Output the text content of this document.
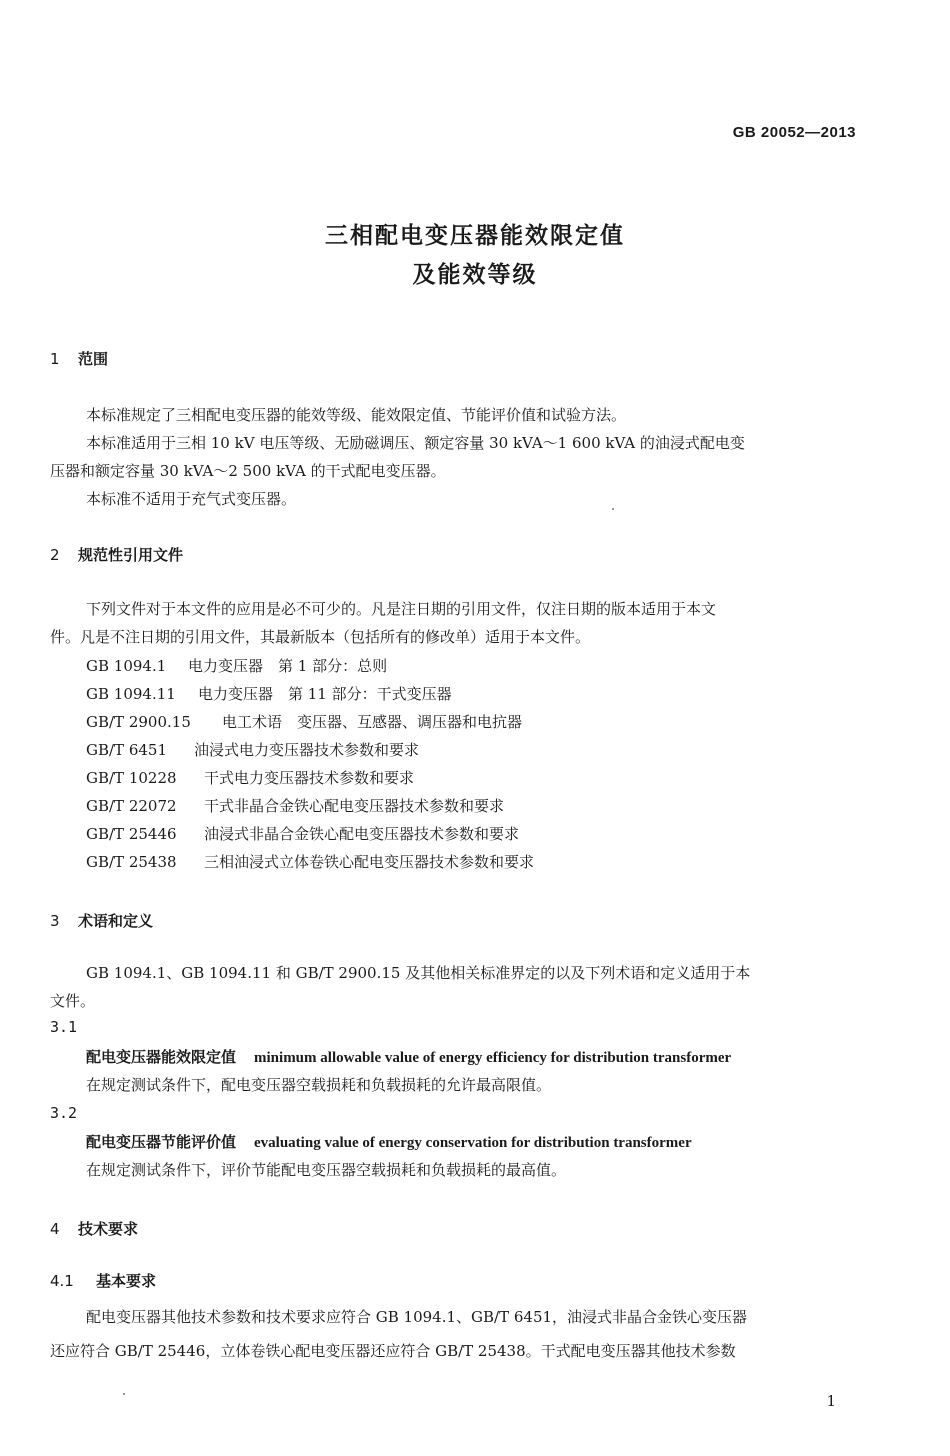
GB 20052—2013
三相配电变压器能效限定值
及能效等级
1 范围
本标准规定了三相配电变压器的能效等级、能效限定值、节能评价值和试验方法。
本标准适用于三相 10 kV 电压等级、无励磁调压、额定容量 30 kVA～1 600 kVA 的油浸式配电变
压器和额定容量 30 kVA～2 500 kVA 的干式配电变压器。
本标准不适用于充气式变压器。
2 规范性引用文件
下列文件对于本文件的应用是必不可少的。凡是注日期的引用文件，仅注日期的版本适用于本文
件。凡是不注日期的引用文件，其最新版本（包括所有的修改单）适用于本文件。
GB 1094.1 电力变压器　第 1 部分：总则
GB 1094.11 电力变压器　第 11 部分：干式变压器
GB/T 2900.15 电工术语　变压器、互感器、调压器和电抗器
GB/T 6451 油浸式电力变压器技术参数和要求
GB/T 10228 干式电力变压器技术参数和要求
GB/T 22072 干式非晶合金铁心配电变压器技术参数和要求
GB/T 25446 油浸式非晶合金铁心配电变压器技术参数和要求
GB/T 25438 三相油浸式立体卷铁心配电变压器技术参数和要求
3 术语和定义
GB 1094.1、GB 1094.11 和 GB/T 2900.15 及其他相关标准界定的以及下列术语和定义适用于本
文件。
3.1
配电变压器能效限定值 minimum allowable value of energy efficiency for distribution transformer
在规定测试条件下，配电变压器空载损耗和负载损耗的允许最高限值。
3.2
配电变压器节能评价值 evaluating value of energy conservation for distribution transformer
在规定测试条件下，评价节能配电变压器空载损耗和负载损耗的最高值。
4 技术要求
4.1 基本要求
配电变压器其他技术参数和技术要求应符合 GB 1094.1、GB/T 6451，油浸式非晶合金铁心变压器
还应符合 GB/T 25446，立体卷铁心配电变压器还应符合 GB/T 25438。干式配电变压器其他技术参数
1
